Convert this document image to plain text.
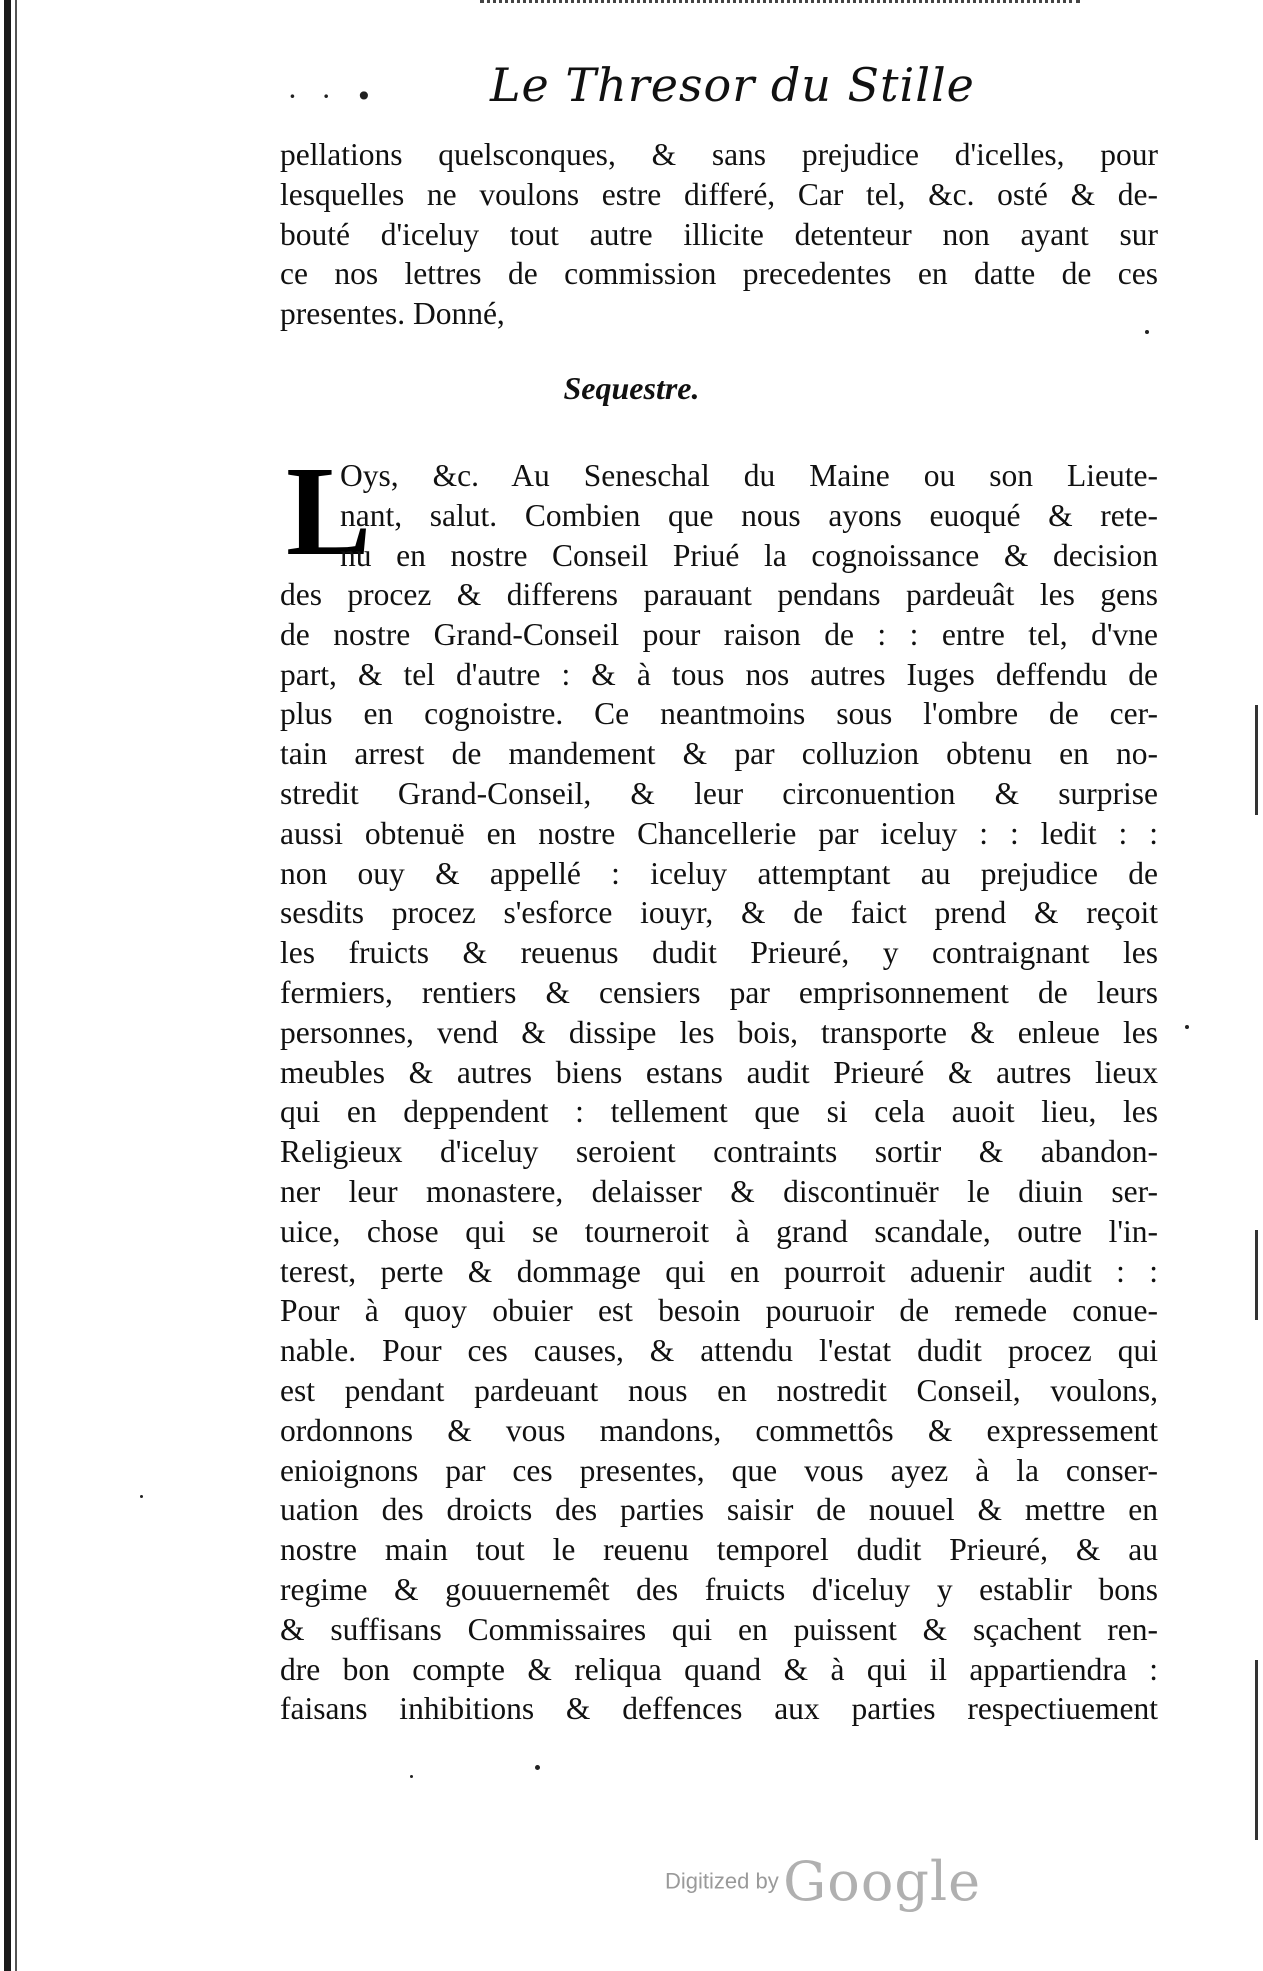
· · • Le Thresor du Stille
pellations quelsconques, & sans prejudice d'icelles, pour
lesquelles ne voulons estre differé, Car tel, &c. osté & de-
bouté d'iceluy tout autre illicite detenteur non ayant sur
ce nos lettres de commission precedentes en datte de ces
presentes. Donné,
Sequestre.
L
Oys, &c. Au Seneschal du Maine ou son Lieute-
nant, salut. Combien que nous ayons euoqué & rete-
nu en nostre Conseil Priué la cognoissance & decision
des procez & differens parauant pendans pardeuât les gens
de nostre Grand-Conseil pour raison de : : entre tel, d'vne
part, & tel d'autre : & à tous nos autres Iuges deffendu de
plus en cognoistre. Ce neantmoins sous l'ombre de cer-
tain arrest de mandement & par colluzion obtenu en no-
stredit Grand-Conseil, & leur circonuention & surprise
aussi obtenuë en nostre Chancellerie par iceluy : : ledit : :
non ouy & appellé : iceluy attemptant au prejudice de
sesdits procez s'esforce iouyr, & de faict prend & reçoit
les fruicts & reuenus dudit Prieuré, y contraignant les
fermiers, rentiers & censiers par emprisonnement de leurs
personnes, vend & dissipe les bois, transporte & enleue les
meubles & autres biens estans audit Prieuré & autres lieux
qui en deppendent : tellement que si cela auoit lieu, les
Religieux d'iceluy seroient contraints sortir & abandon-
ner leur monastere, delaisser & discontinuër le diuin ser-
uice, chose qui se tourneroit à grand scandale, outre l'in-
terest, perte & dommage qui en pourroit aduenir audit : :
Pour à quoy obuier est besoin pouruoir de remede conue-
nable. Pour ces causes, & attendu l'estat dudit procez qui
est pendant pardeuant nous en nostredit Conseil, voulons,
ordonnons & vous mandons, commettôs & expressement
enioignons par ces presentes, que vous ayez à la conser-
uation des droicts des parties saisir de nouuel & mettre en
nostre main tout le reuenu temporel dudit Prieuré, & au
regime & gouuernemêt des fruicts d'iceluy y establir bons
& suffisans Commissaires qui en puissent & sçachent ren-
dre bon compte & reliqua quand & à qui il appartiendra :
faisans inhibitions & deffences aux parties respectiuement
Digitized by Google
